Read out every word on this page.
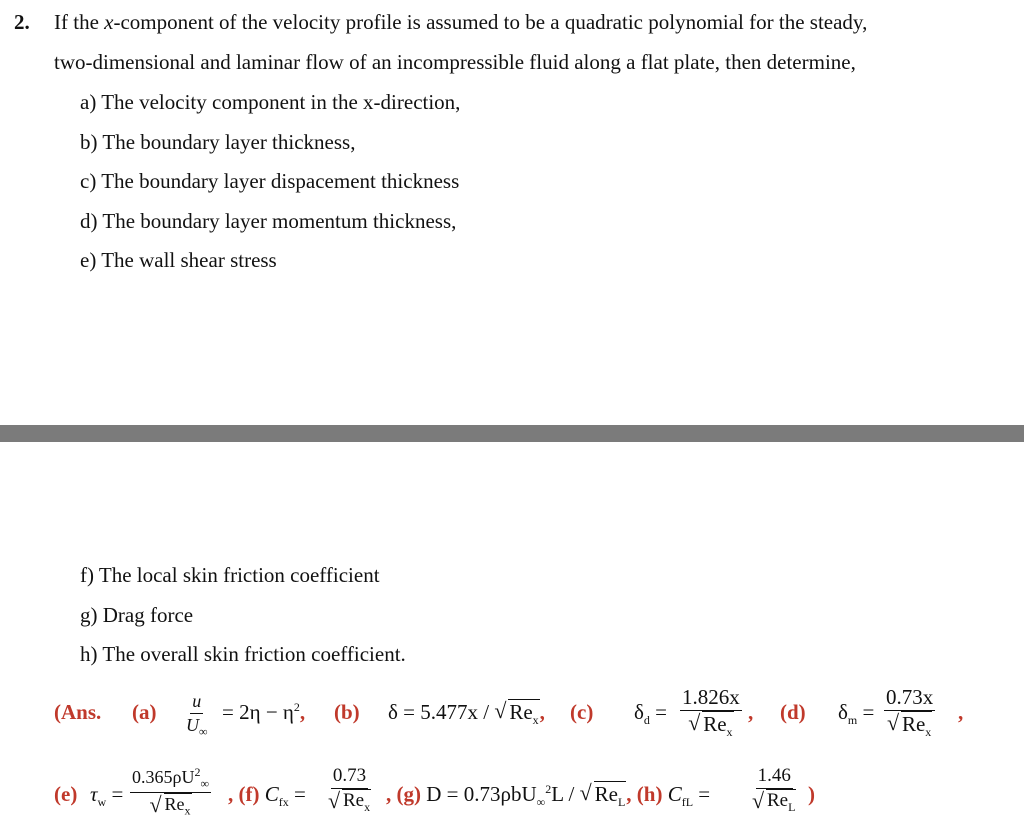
2. If the x-component of the velocity profile is assumed to be a quadratic polynomial for the steady,
two-dimensional and laminar flow of an incompressible fluid along a flat plate, then determine,
a) The velocity component in the x-direction,
b) The boundary layer thickness,
c) The boundary layer dispacement thickness
d) The boundary layer momentum thickness,
e) The wall shear stress
f) The local skin friction coefficient
g) Drag force
h) The overall skin friction coefficient.
(Ans. $(a) \frac{u}{U_\infty} = 2\eta - \eta^2$, (b) δ = 5.477x / √ $Re_x$, (c) $\delta_d$ =
1.826x
√ $Re_x$
, (d) $\delta_m$ =
0.73x
√ $Re_x$
,
(e) $\tau_w$ =
$0.365\rho U^2_\infty$
√ $Re_x$
, (f) $C_{fx}$ =
0.73
√ $Re_x$
, (g) D = 0.73ρbU$_\infty^2$L / √ $Re_L$, (h) $C_{fL}$ =
1.46
√ $Re_L$
)
